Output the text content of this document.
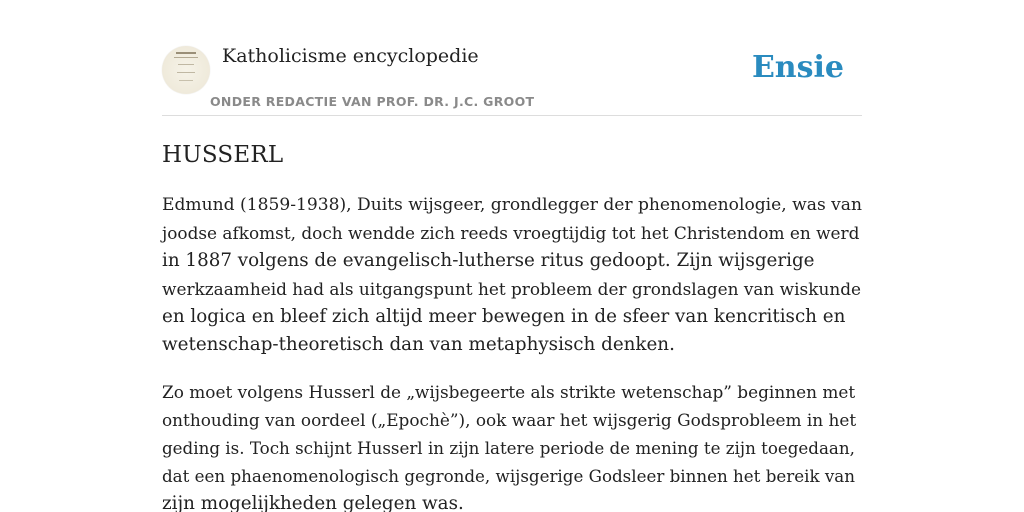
Katholicisme encyclopedie
ONDER REDACTIE VAN PROF. DR. J.C. GROOT
Ensie
HUSSERL

Edmund (1859-1938), Duits wijsgeer, grondlegger der phenomenologie, was van
joodse afkomst, doch wendde zich reeds vroegtijdig tot het Christendom en werd
in 1887 volgens de evangelisch-lutherse ritus gedoopt. Zijn wijsgerige
werkzaamheid had als uitgangspunt het probleem der grondslagen van wiskunde
en logica en bleef zich altijd meer bewegen in de sfeer van kencritisch en
wetenschap-theoretisch dan van metaphysisch denken.

Zo moet volgens Husserl de „wijsbegeerte als strikte wetenschap” beginnen met
onthouding van oordeel („Epochè”), ook waar het wijsgerig Godsprobleem in het
geding is. Toch schijnt Husserl in zijn latere periode de mening te zijn toegedaan,
dat een phaenomenologisch gegronde, wijsgerige Godsleer binnen het bereik van
zijn mogelijkheden gelegen was.
